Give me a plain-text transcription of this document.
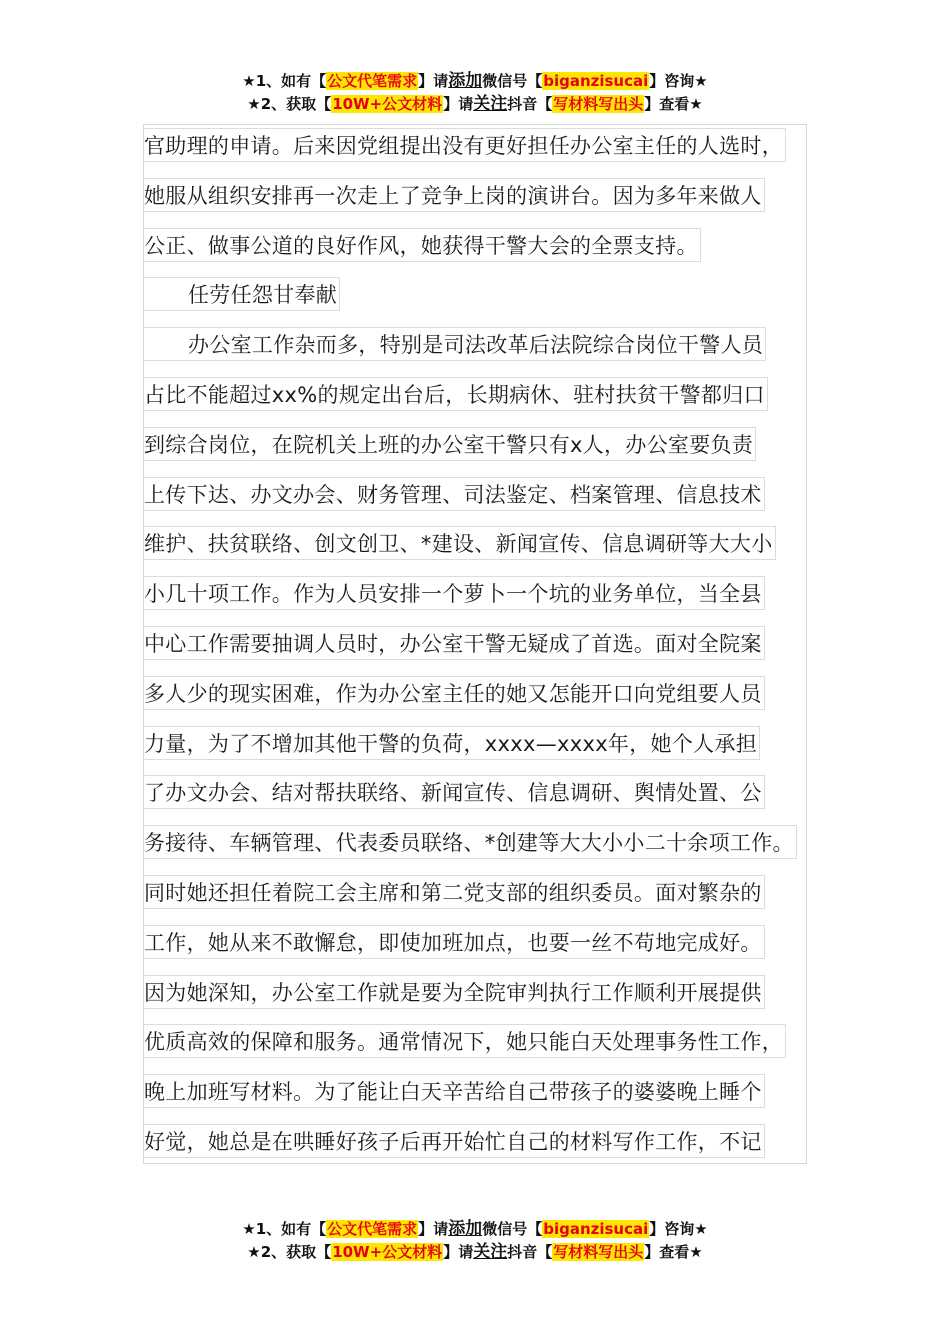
★1、如有【公文代笔需求】请添加微信号【biganzisucai】咨询★
★2、获取【10W+公文材料】请关注抖音【写材料写出头】查看★
官助理的申请。后来因党组提出没有更好担任办公室主任的人选时，
她服从组织安排再一次走上了竞争上岗的演讲台。因为多年来做人
公正、做事公道的良好作风，她获得干警大会的全票支持。
任劳任怨甘奉献
办公室工作杂而多，特别是司法改革后法院综合岗位干警人员
占比不能超过xx%的规定出台后，长期病休、驻村扶贫干警都归口
到综合岗位，在院机关上班的办公室干警只有x人，办公室要负责
上传下达、办文办会、财务管理、司法鉴定、档案管理、信息技术
维护、扶贫联络、创文创卫、*建设、新闻宣传、信息调研等大大小
小几十项工作。作为人员安排一个萝卜一个坑的业务单位，当全县
中心工作需要抽调人员时，办公室干警无疑成了首选。面对全院案
多人少的现实困难，作为办公室主任的她又怎能开口向党组要人员
力量，为了不增加其他干警的负荷，xxxx—xxxx年，她个人承担
了办文办会、结对帮扶联络、新闻宣传、信息调研、舆情处置、公
务接待、车辆管理、代表委员联络、*创建等大大小小二十余项工作。
同时她还担任着院工会主席和第二党支部的组织委员。面对繁杂的
工作，她从来不敢懈怠，即使加班加点，也要一丝不苟地完成好。
因为她深知，办公室工作就是要为全院审判执行工作顺利开展提供
优质高效的保障和服务。通常情况下，她只能白天处理事务性工作，
晚上加班写材料。为了能让白天辛苦给自己带孩子的婆婆晚上睡个
好觉，她总是在哄睡好孩子后再开始忙自己的材料写作工作，不记
★1、如有【公文代笔需求】请添加微信号【biganzisucai】咨询★
★2、获取【10W+公文材料】请关注抖音【写材料写出头】查看★
